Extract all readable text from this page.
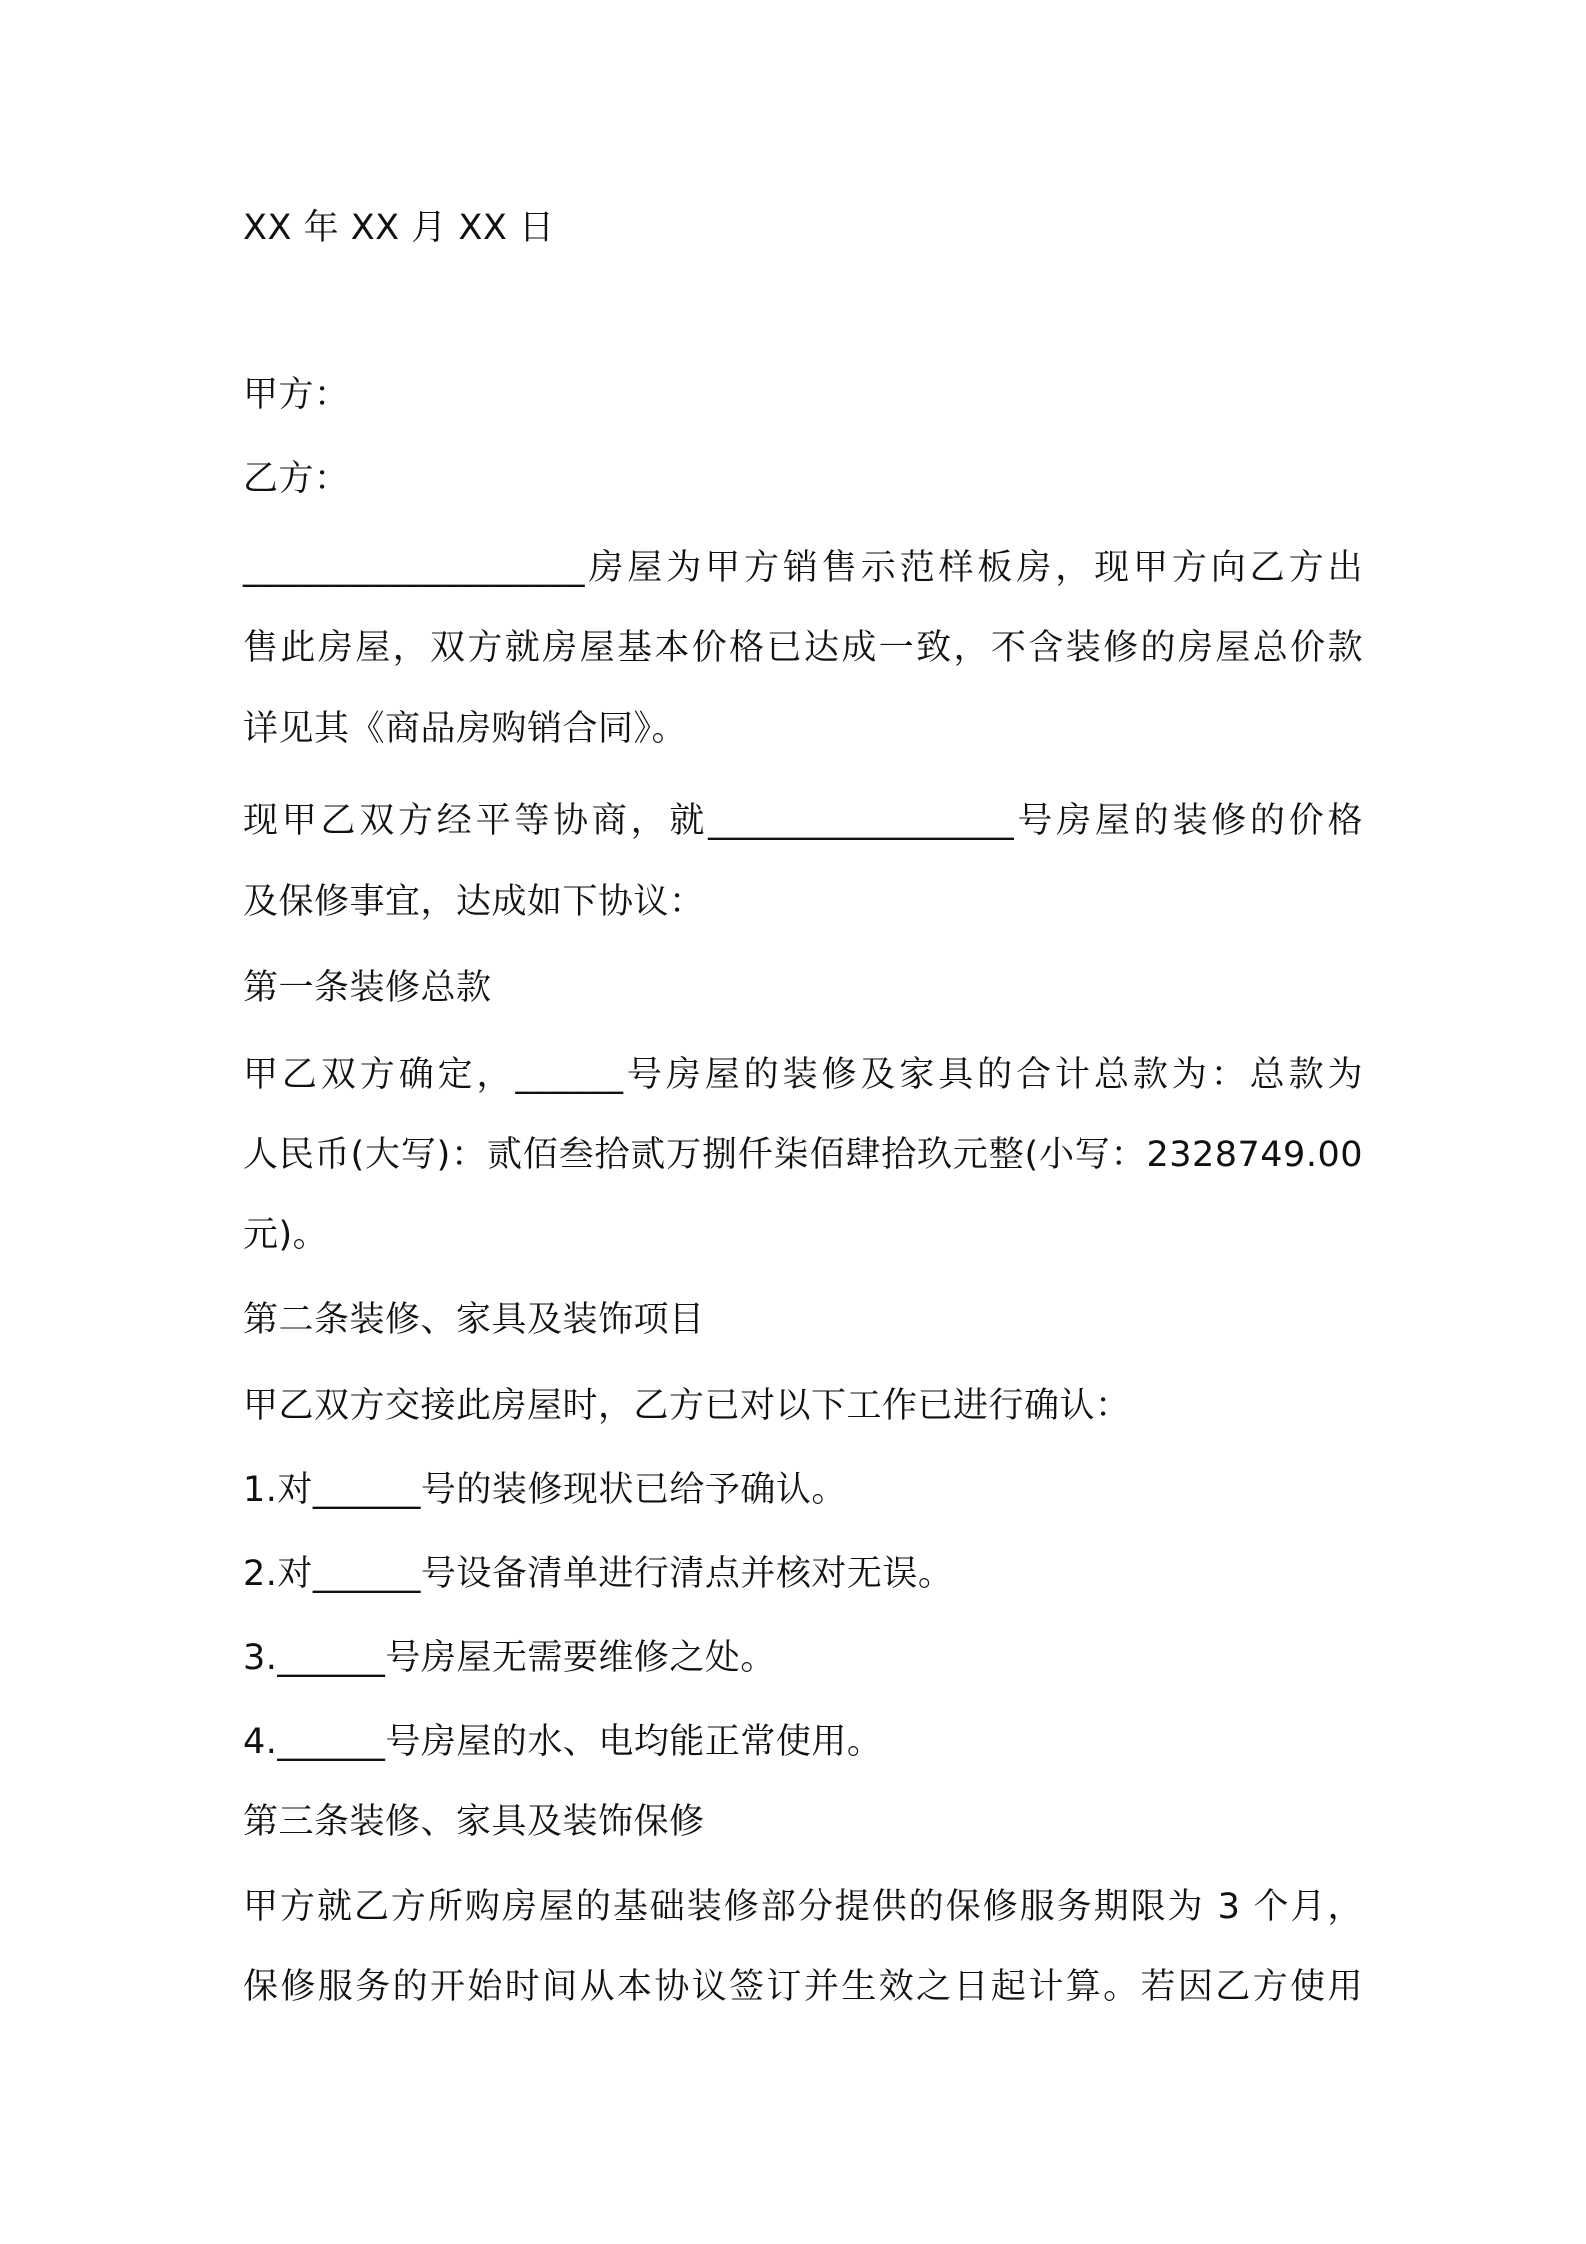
XX 年 XX 月 XX 日
甲方：
乙方：
___________________房屋为甲方销售示范样板房，现甲方向乙方出
售此房屋，双方就房屋基本价格已达成一致，不含装修的房屋总价款
详见其《商品房购销合同》。
现甲乙双方经平等协商，就_________________号房屋的装修的价格
及保修事宜，达成如下协议：
第一条装修总款
甲乙双方确定，______号房屋的装修及家具的合计总款为：总款为
人民币(大写)：贰佰叁拾贰万捌仟柒佰肆拾玖元整(小写：2328749.00
元)。
第二条装修、家具及装饰项目
甲乙双方交接此房屋时，乙方已对以下工作已进行确认：
1.对______号的装修现状已给予确认。
2.对______号设备清单进行清点并核对无误。
3.______号房屋无需要维修之处。
4.______号房屋的水、电均能正常使用。
第三条装修、家具及装饰保修
甲方就乙方所购房屋的基础装修部分提供的保修服务期限为 3 个月，
保修服务的开始时间从本协议签订并生效之日起计算。若因乙方使用
